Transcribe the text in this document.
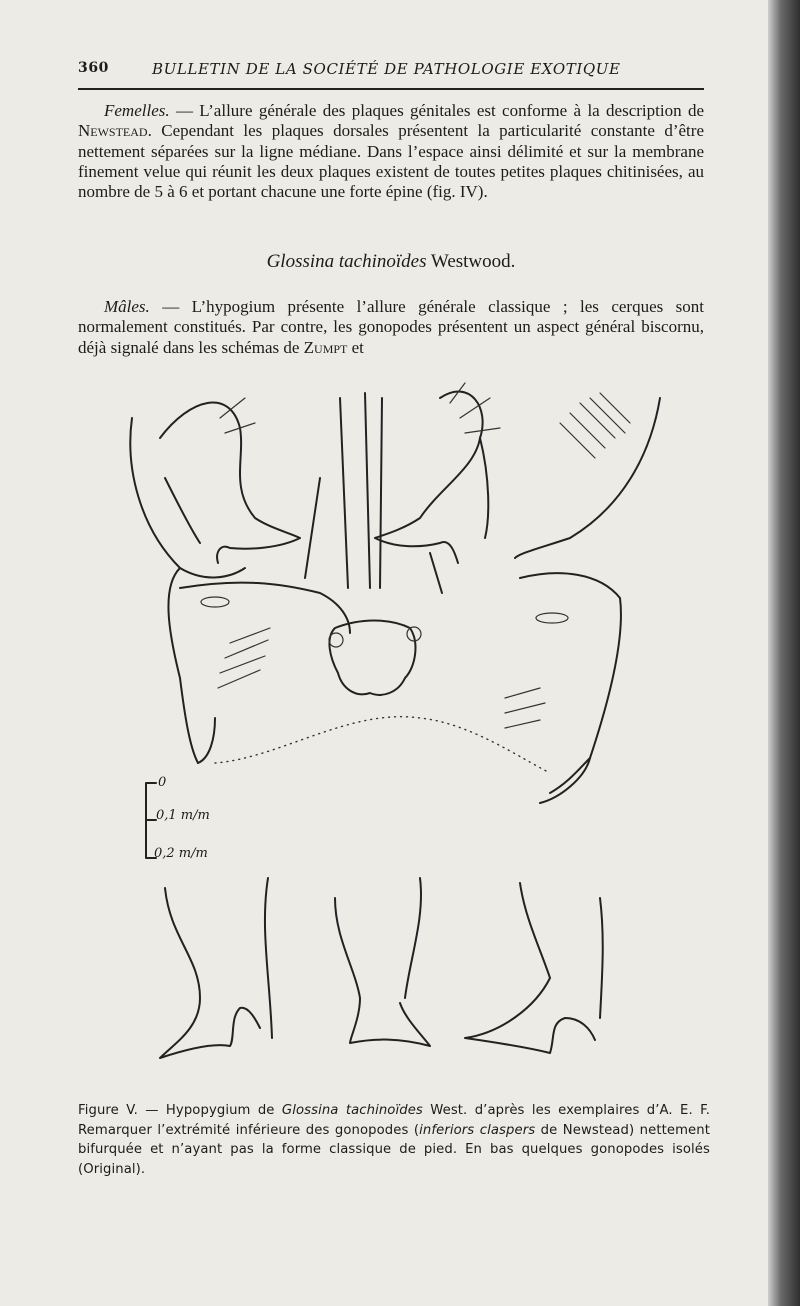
360	BULLETIN DE LA SOCIÉTÉ DE PATHOLOGIE EXOTIQUE
Femelles. — L’allure générale des plaques génitales est conforme à la description de Newstead. Cependant les plaques dorsales présentent la particularité constante d’être nettement séparées sur la ligne médiane. Dans l’espace ainsi délimité et sur la membrane finement velue qui réunit les deux plaques existent de toutes petites plaques chitinisées, au nombre de 5 à 6 et portant chacune une forte épine (fig. IV).
Glossina tachinoïdes Westwood.
Mâles. — L’hypogium présente l’allure générale classique ; les cerques sont normalement constitués. Par contre, les gonopodes présentent un aspect général biscornu, déjà signalé dans les schémas de Zumpt et
0
0,1 m/m
0,2 m/m
Figure V. — Hypopygium de Glossina tachinoïdes West. d’après les exemplaires d’A. E. F. Remarquer l’extrémité inférieure des gonopodes (inferiors claspers de Newstead) nettement bifurquée et n’ayant pas la forme classique de pied. En bas quelques gonopodes isolés (Original).
